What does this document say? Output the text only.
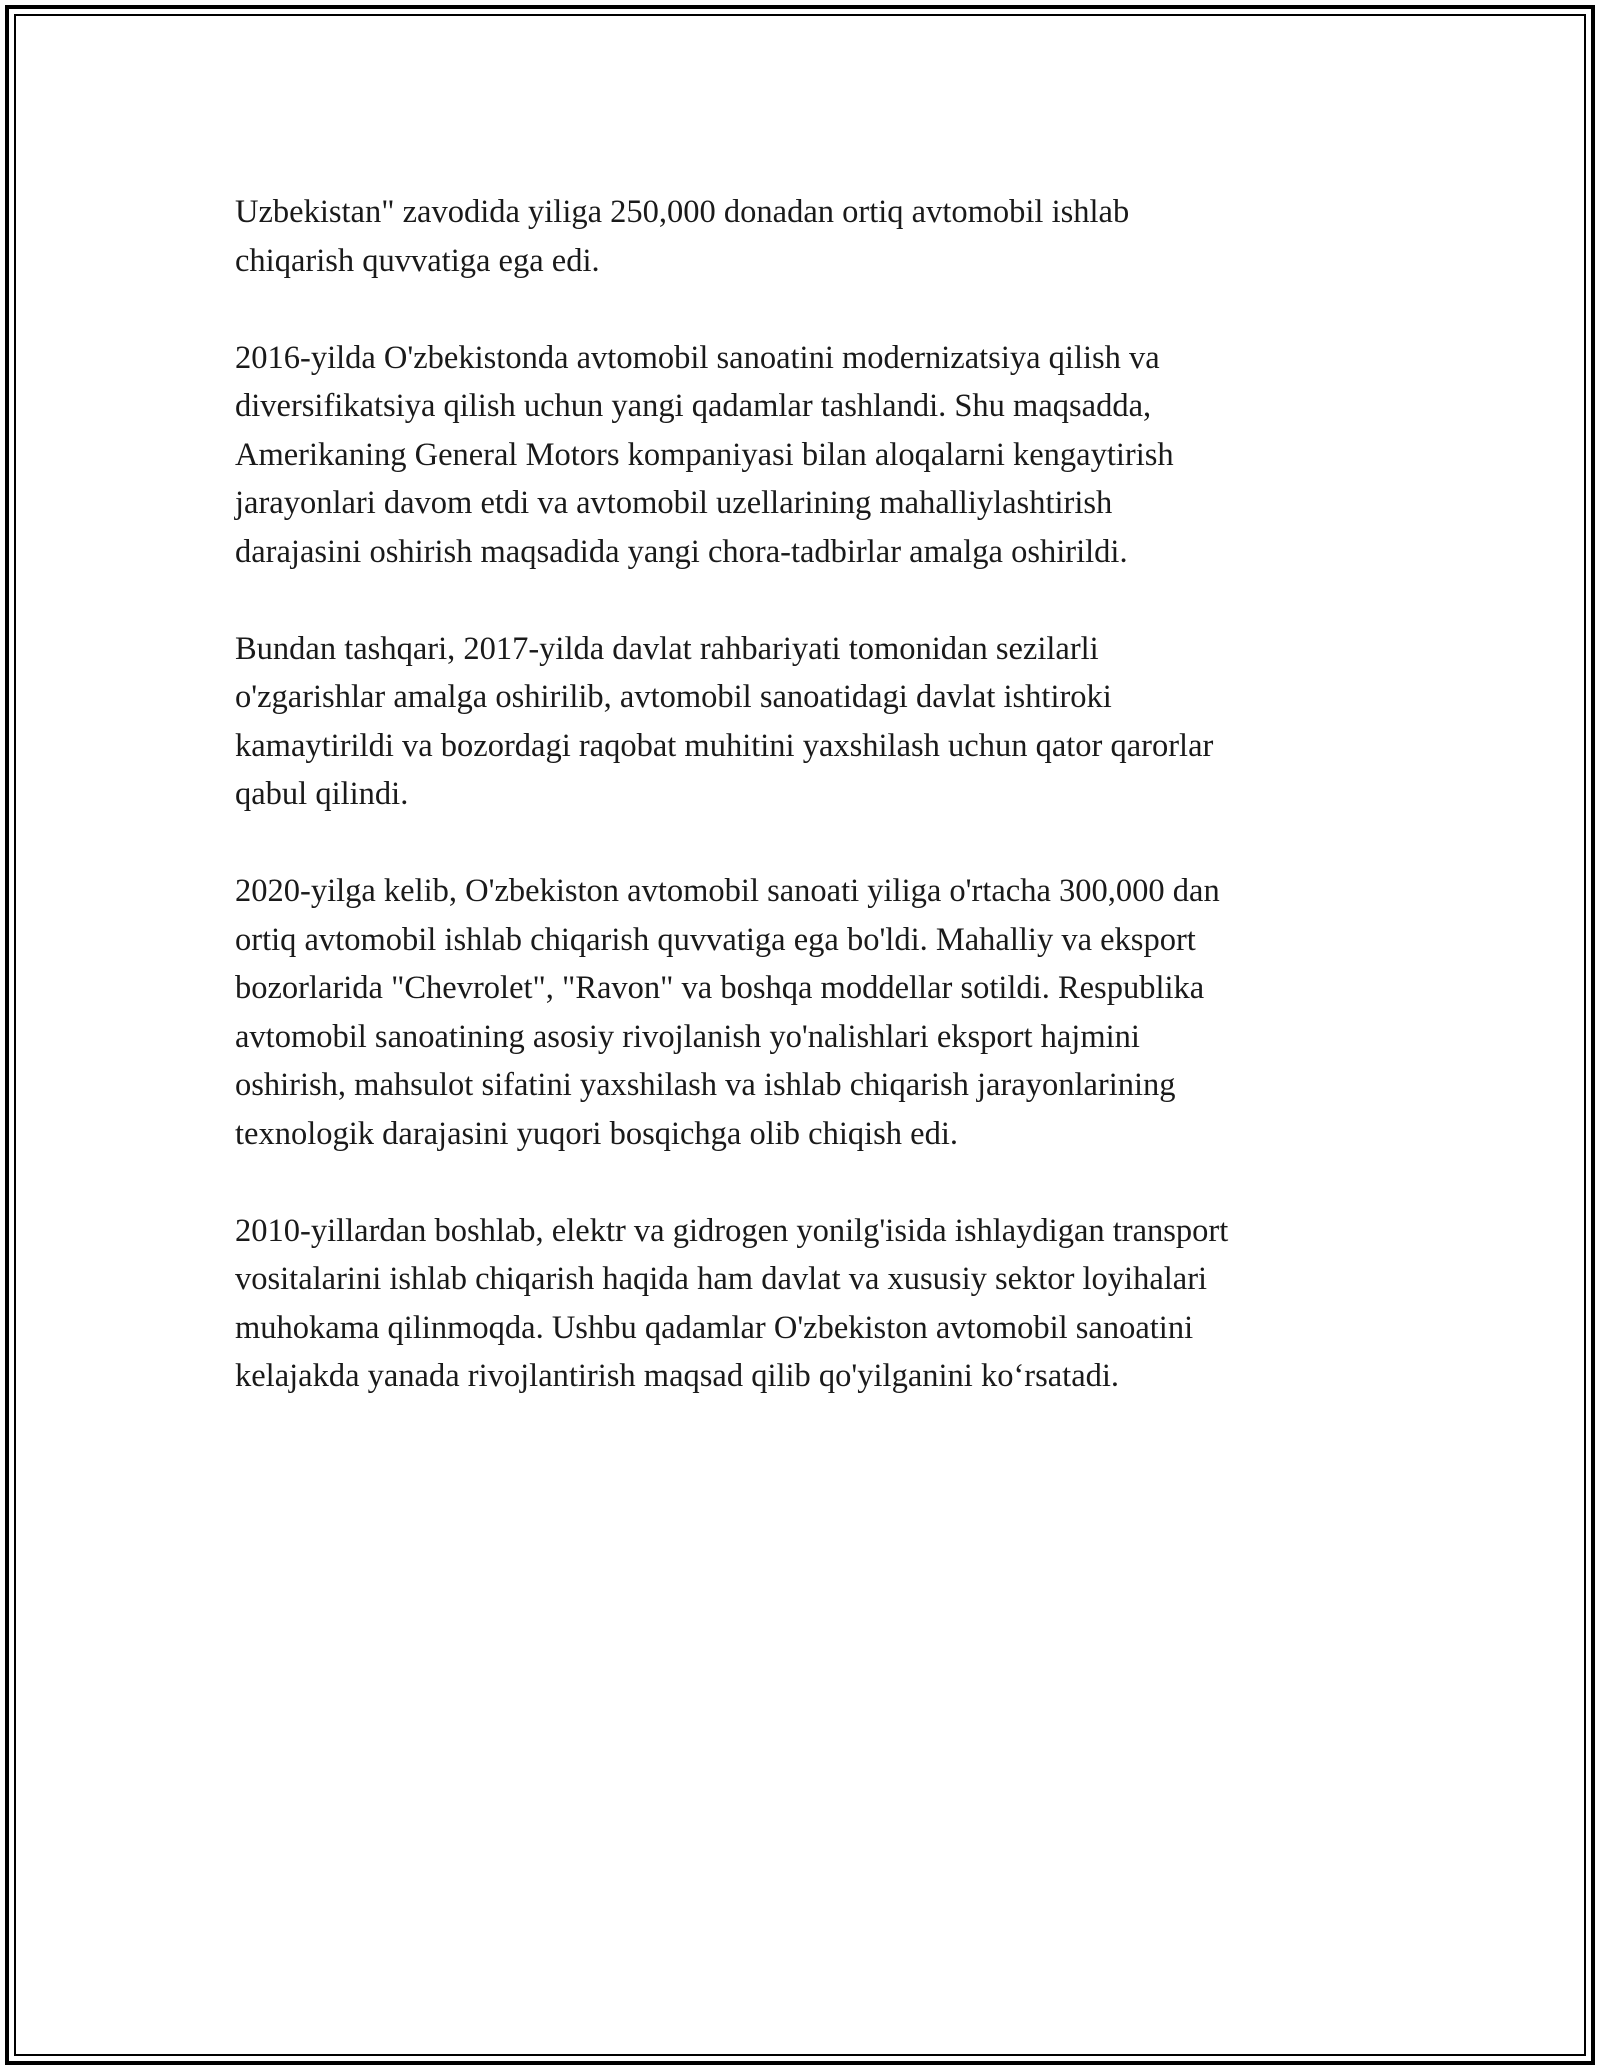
Uzbekistan" zavodida yiliga 250,000 donadan ortiq avtomobil ishlab
chiqarish quvvatiga ega edi.

2016-yilda O'zbekistonda avtomobil sanoatini modernizatsiya qilish va
diversifikatsiya qilish uchun yangi qadamlar tashlandi. Shu maqsadda,
Amerikaning General Motors kompaniyasi bilan aloqalarni kengaytirish
jarayonlari davom etdi va avtomobil uzellarining mahalliylashtirish
darajasini oshirish maqsadida yangi chora-tadbirlar amalga oshirildi.

Bundan tashqari, 2017-yilda davlat rahbariyati tomonidan sezilarli
o'zgarishlar amalga oshirilib, avtomobil sanoatidagi davlat ishtiroki
kamaytirildi va bozordagi raqobat muhitini yaxshilash uchun qator qarorlar
qabul qilindi.

2020-yilga kelib, O'zbekiston avtomobil sanoati yiliga o'rtacha 300,000 dan
ortiq avtomobil ishlab chiqarish quvvatiga ega bo'ldi. Mahalliy va eksport
bozorlarida "Chevrolet", "Ravon" va boshqa moddellar sotildi. Respublika
avtomobil sanoatining asosiy rivojlanish yo'nalishlari eksport hajmini
oshirish, mahsulot sifatini yaxshilash va ishlab chiqarish jarayonlarining
texnologik darajasini yuqori bosqichga olib chiqish edi.

2010-yillardan boshlab, elektr va gidrogen yonilg'isida ishlaydigan transport
vositalarini ishlab chiqarish haqida ham davlat va xususiy sektor loyihalari
muhokama qilinmoqda. Ushbu qadamlar O'zbekiston avtomobil sanoatini
kelajakda yanada rivojlantirish maqsad qilib qo'yilganini koʻrsatadi.
